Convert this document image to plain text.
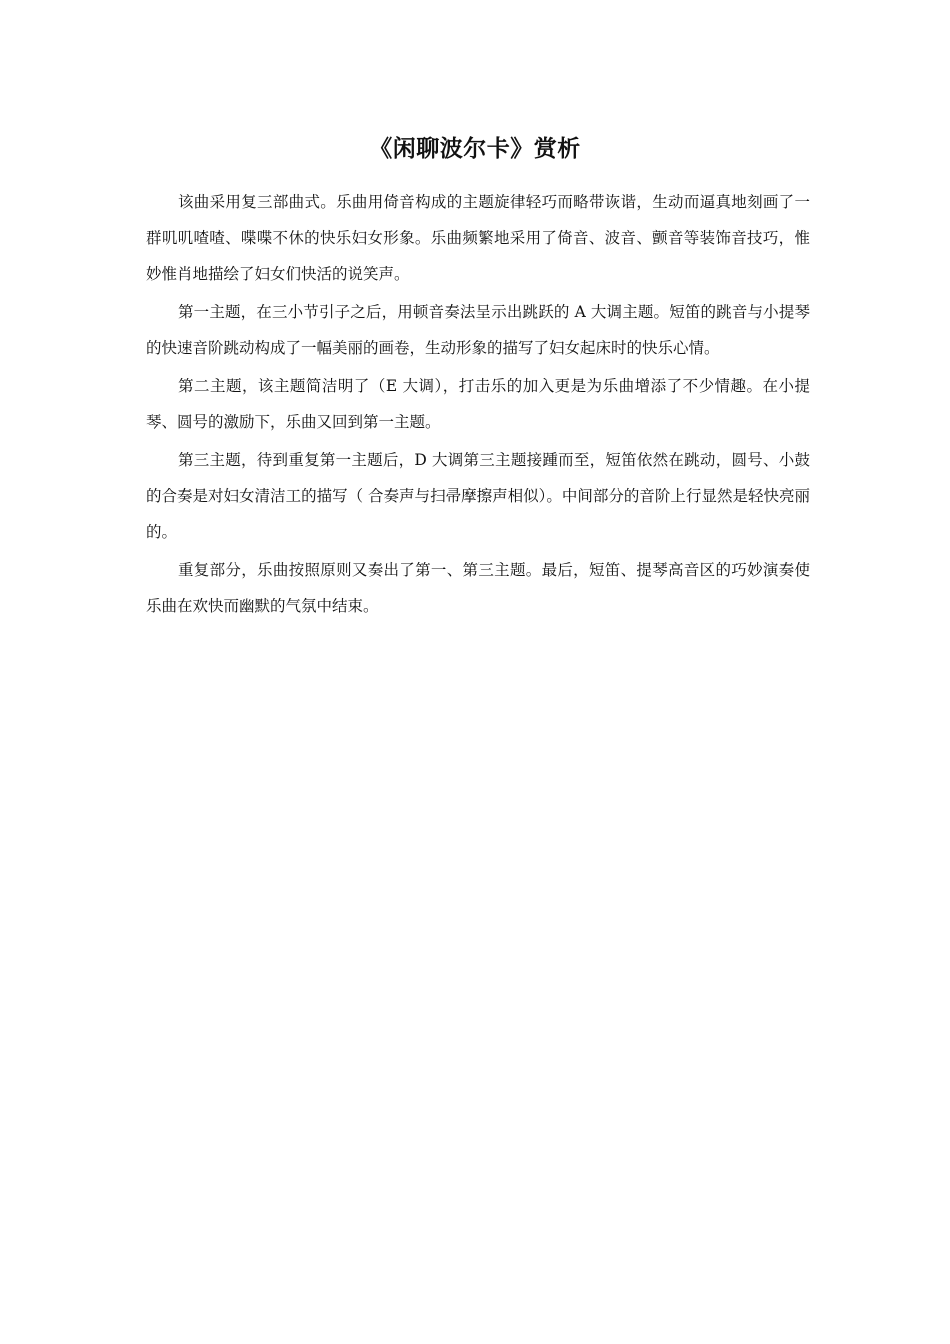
《闲聊波尔卡》赏析

该曲采用复三部曲式。乐曲用倚音构成的主题旋律轻巧而略带诙谐，生动而逼真地刻画了一群叽叽喳喳、喋喋不休的快乐妇女形象。乐曲频繁地采用了倚音、波音、颤音等装饰音技巧，惟妙惟肖地描绘了妇女们快活的说笑声。

第一主题，在三小节引子之后，用顿音奏法呈示出跳跃的 A 大调主题。短笛的跳音与小提琴的快速音阶跳动构成了一幅美丽的画卷，生动形象的描写了妇女起床时的快乐心情。

第二主题，该主题简洁明了（E 大调），打击乐的加入更是为乐曲增添了不少情趣。在小提琴、圆号的激励下，乐曲又回到第一主题。

第三主题，待到重复第一主题后，D 大调第三主题接踵而至，短笛依然在跳动，圆号、小鼓的合奏是对妇女清洁工的描写（ 合奏声与扫帚摩擦声相似）。中间部分的音阶上行显然是轻快亮丽的。

重复部分，乐曲按照原则又奏出了第一、第三主题。最后，短笛、提琴高音区的巧妙演奏使乐曲在欢快而幽默的气氛中结束。
